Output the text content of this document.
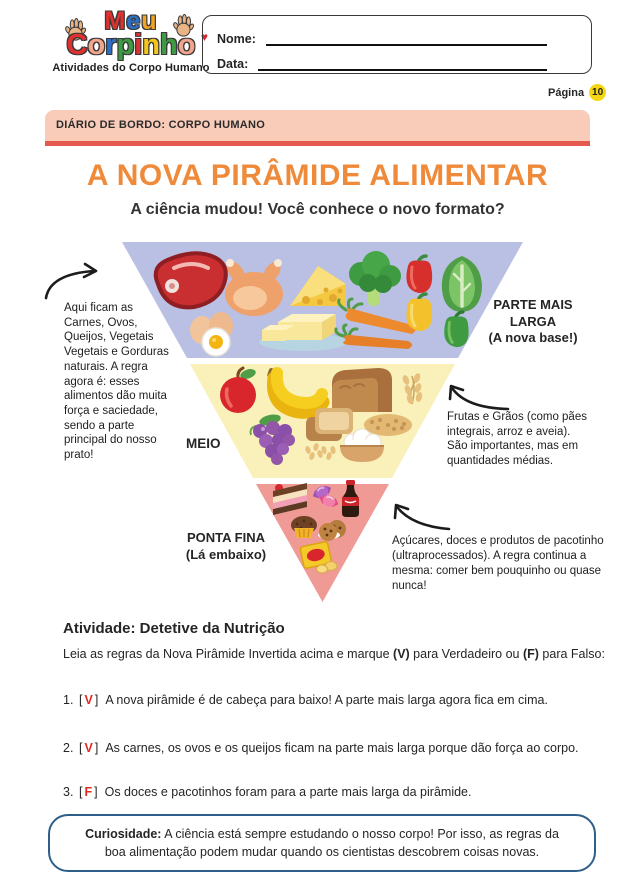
Meu
Corpinho ♥
Atividades do Corpo Humano
Nome:
Data:
Página 10
DIÁRIO DE BORDO: CORPO HUMANO
A NOVA PIRÂMIDE ALIMENTAR
A ciência mudou! Você conhece o novo formato?
Aqui ficam as Carnes, Ovos, Queijos, Vegetais Vegetais e Gorduras naturais. A regra agora é: esses alimentos dão muita força e saciedade, sendo a parte principal do nosso prato!
PARTE MAIS LARGA
(A nova base!)
MEIO
Frutas e Grãos (como pães integrais, arroz e aveia). São importantes, mas em quantidades médias.
PONTA FINA
(Lá embaixo)
Açúcares, doces e produtos de pacotinho (ultraprocessados). A regra continua a mesma: comer bem pouquinho ou quase nunca!
Atividade: Detetive da Nutrição
Leia as regras da Nova Pirâmide Invertida acima e marque (V) para Verdadeiro ou (F) para Falso:
1. [ V ] A nova pirâmide é de cabeça para baixo! A parte mais larga agora fica em cima.
2. [ V ] As carnes, os ovos e os queijos ficam na parte mais larga porque dão força ao corpo.
3. [ F ] Os doces e pacotinhos foram para a parte mais larga da pirâmide.
Curiosidade: A ciência está sempre estudando o nosso corpo! Por isso, as regras da boa alimentação podem mudar quando os cientistas descobrem coisas novas.
